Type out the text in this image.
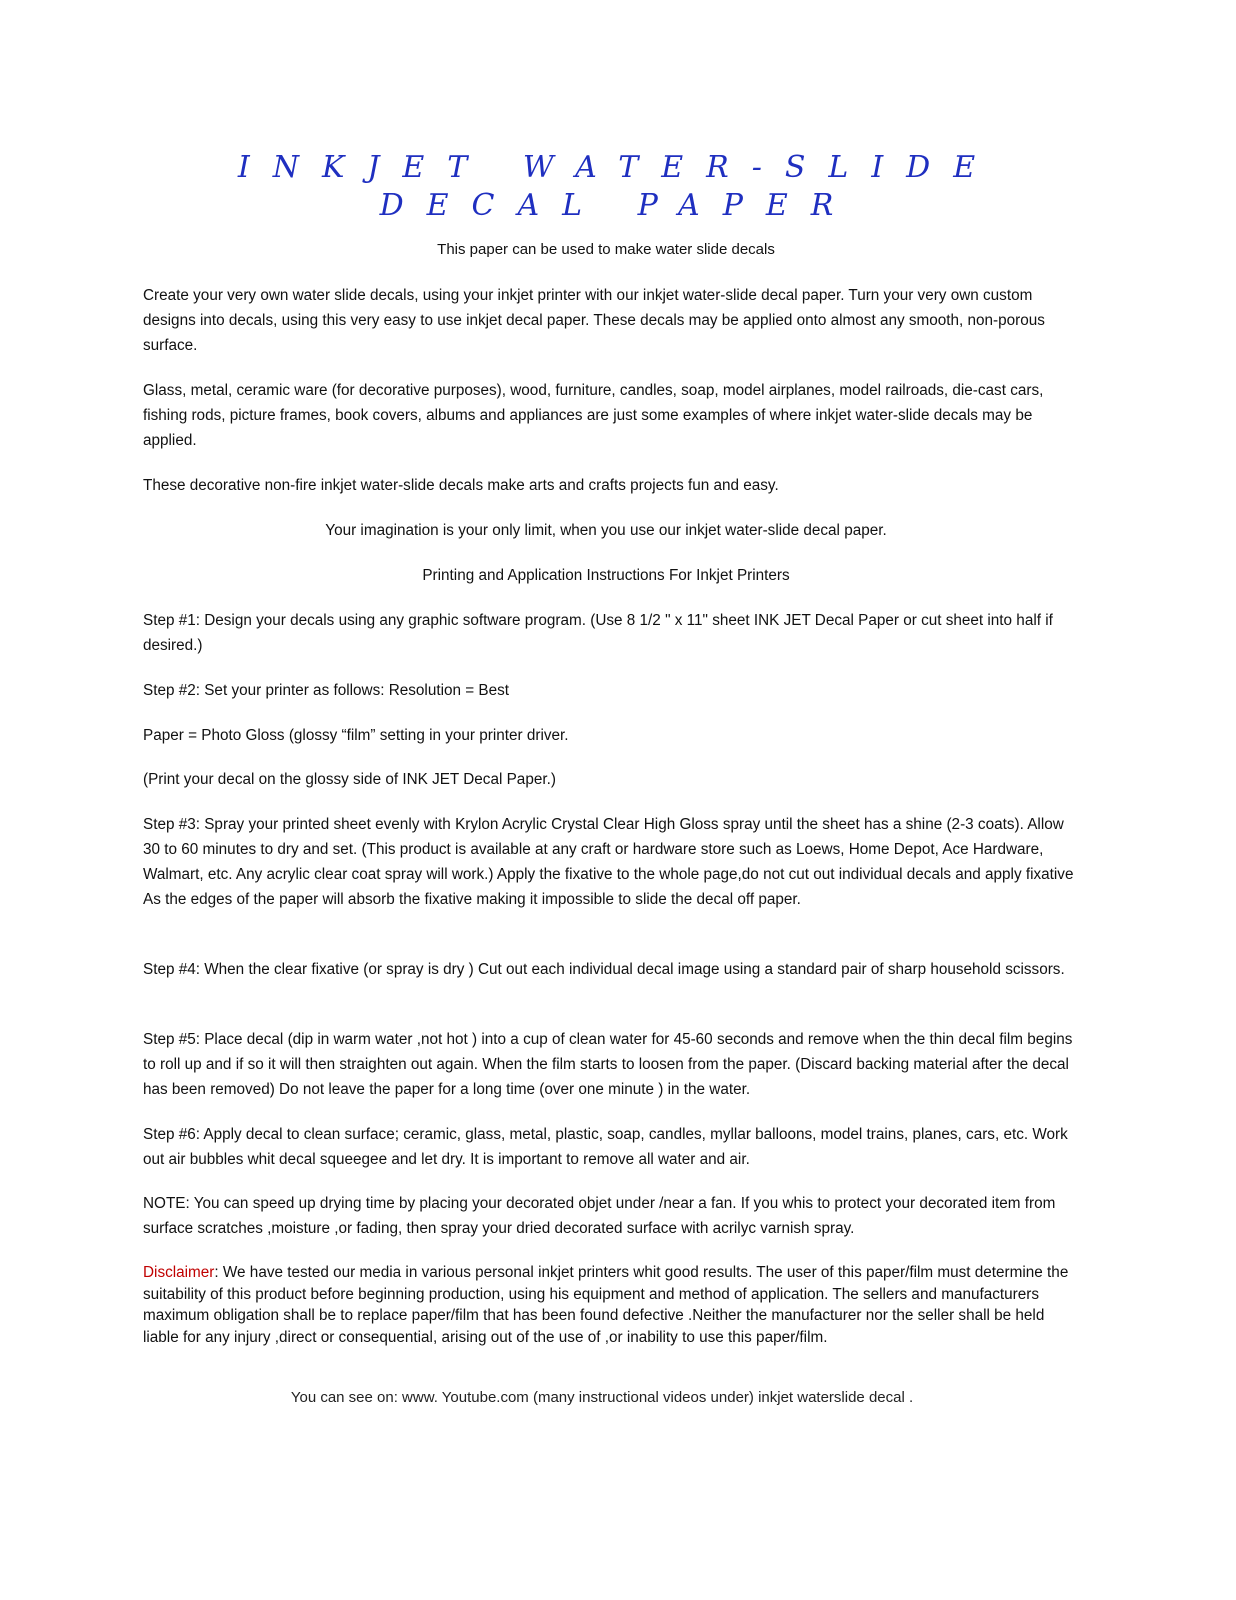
INKJET WATER-SLIDE
DECAL PAPER
This paper can be used to make water slide decals
Create your very own water slide decals, using your inkjet printer with our inkjet water-slide decal paper. Turn your very own custom designs into decals, using this very easy to use inkjet decal paper. These decals may be applied onto almost any smooth, non-porous surface.
Glass, metal, ceramic ware (for decorative purposes), wood, furniture, candles, soap, model airplanes, model railroads, die-cast cars, fishing rods, picture frames, book covers, albums and appliances are just some examples of where inkjet water-slide decals may be applied.
These decorative non-fire inkjet water-slide decals make arts and crafts projects fun and easy.
Your imagination is your only limit, when you use our inkjet water-slide decal paper.
Printing and Application Instructions For Inkjet Printers
Step #1: Design your decals using any graphic software program. (Use 8 1/2 " x 11" sheet INK JET Decal Paper or cut sheet into half if desired.)
Step #2: Set your printer as follows: Resolution = Best
Paper = Photo Gloss (glossy “film” setting in your printer driver.
(Print your decal on the glossy side of INK JET Decal Paper.)
Step #3: Spray your printed sheet evenly with Krylon Acrylic Crystal Clear High Gloss spray until the sheet has a shine (2-3 coats). Allow 30 to 60 minutes to dry and set. (This product is available at any craft or hardware store such as Loews, Home Depot, Ace Hardware, Walmart, etc. Any acrylic clear coat spray will work.) Apply the fixative to the whole page,do not cut out individual decals and apply fixative As the edges of the paper will absorb the fixative making it impossible to slide the decal off paper.
Step #4: When the clear fixative (or spray is dry ) Cut out each individual decal image using a standard pair of sharp household scissors.
Step #5: Place decal (dip in warm water ,not hot ) into a cup of clean water for 45-60 seconds and remove when the thin decal film begins to roll up and if so it will then straighten out again. When the film starts to loosen from the paper. (Discard backing material after the decal has been removed) Do not leave the paper for a long time (over one minute ) in the water.
Step #6: Apply decal to clean surface; ceramic, glass, metal, plastic, soap, candles, myllar balloons, model trains, planes, cars, etc. Work out air bubbles whit decal squeegee and let dry. It is important to remove all water and air.
NOTE: You can speed up drying time by placing your decorated objet under /near a fan. If you whis to protect your decorated item from surface scratches ,moisture ,or fading, then spray your dried decorated surface with acrilyc varnish spray.
Disclaimer: We have tested our media in various personal inkjet printers whit good results. The user of this paper/film must determine the suitability of this product before beginning production, using his equipment and method of application. The sellers and manufacturers maximum obligation shall be to replace paper/film that has been found defective .Neither the manufacturer nor the seller shall be held liable for any injury ,direct or consequential, arising out of the use of ,or inability to use this paper/film.
You can see on: www. Youtube.com (many instructional videos under) inkjet waterslide decal .
